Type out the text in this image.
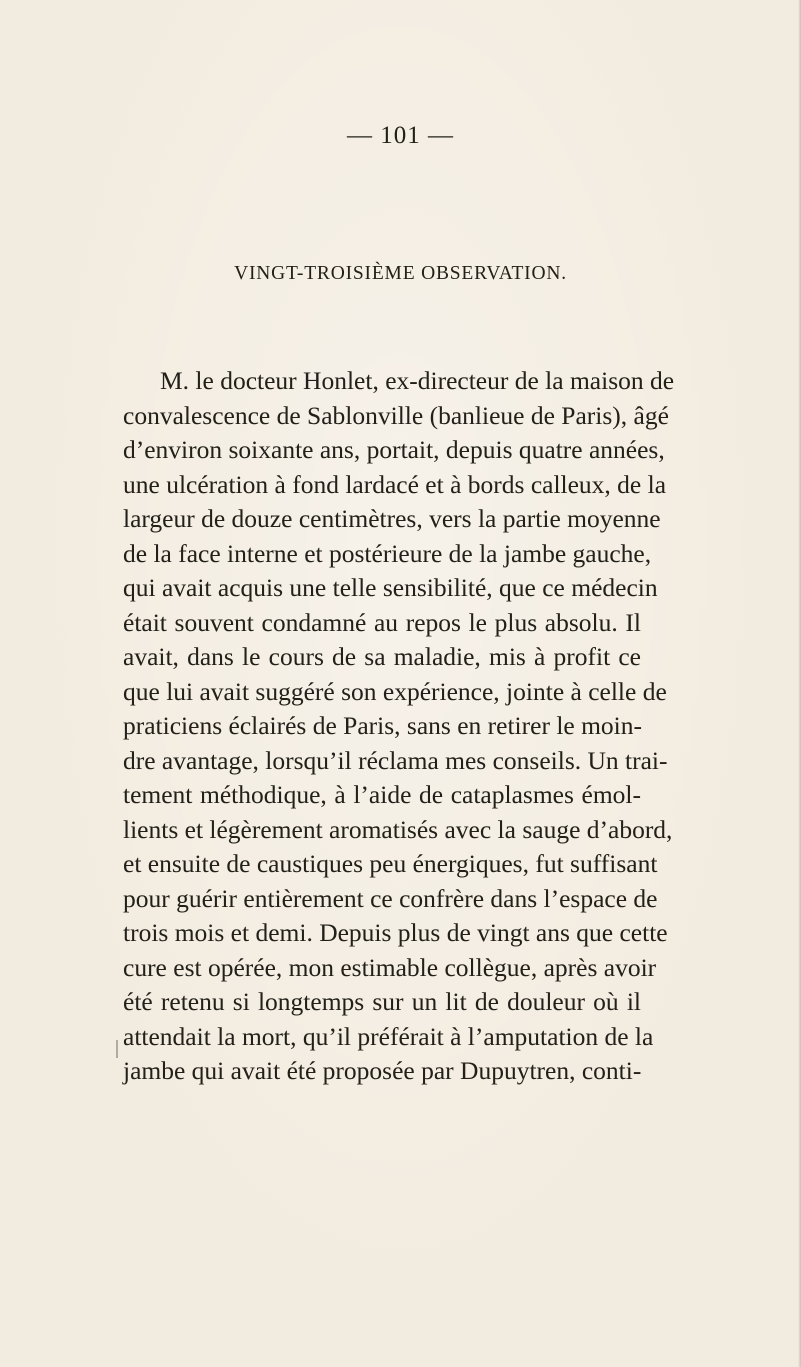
— 101 —
VINGT-TROISIÈME OBSERVATION.
M. le docteur Honlet, ex-directeur de la maison de
convalescence de Sablonville (banlieue de Paris), âgé
d’environ soixante ans, portait, depuis quatre années,
une ulcération à fond lardacé et à bords calleux, de la
largeur de douze centimètres, vers la partie moyenne
de la face interne et postérieure de la jambe gauche,
qui avait acquis une telle sensibilité, que ce médecin
était souvent condamné au repos le plus absolu. Il
avait, dans le cours de sa maladie, mis à profit ce
que lui avait suggéré son expérience, jointe à celle de
praticiens éclairés de Paris, sans en retirer le moin-
dre avantage, lorsqu’il réclama mes conseils. Un trai-
tement méthodique, à l’aide de cataplasmes émol-
lients et légèrement aromatisés avec la sauge d’abord,
et ensuite de caustiques peu énergiques, fut suffisant
pour guérir entièrement ce confrère dans l’espace de
trois mois et demi. Depuis plus de vingt ans que cette
cure est opérée, mon estimable collègue, après avoir
été retenu si longtemps sur un lit de douleur où il
attendait la mort, qu’il préférait à l’amputation de la
jambe qui avait été proposée par Dupuytren, conti-
